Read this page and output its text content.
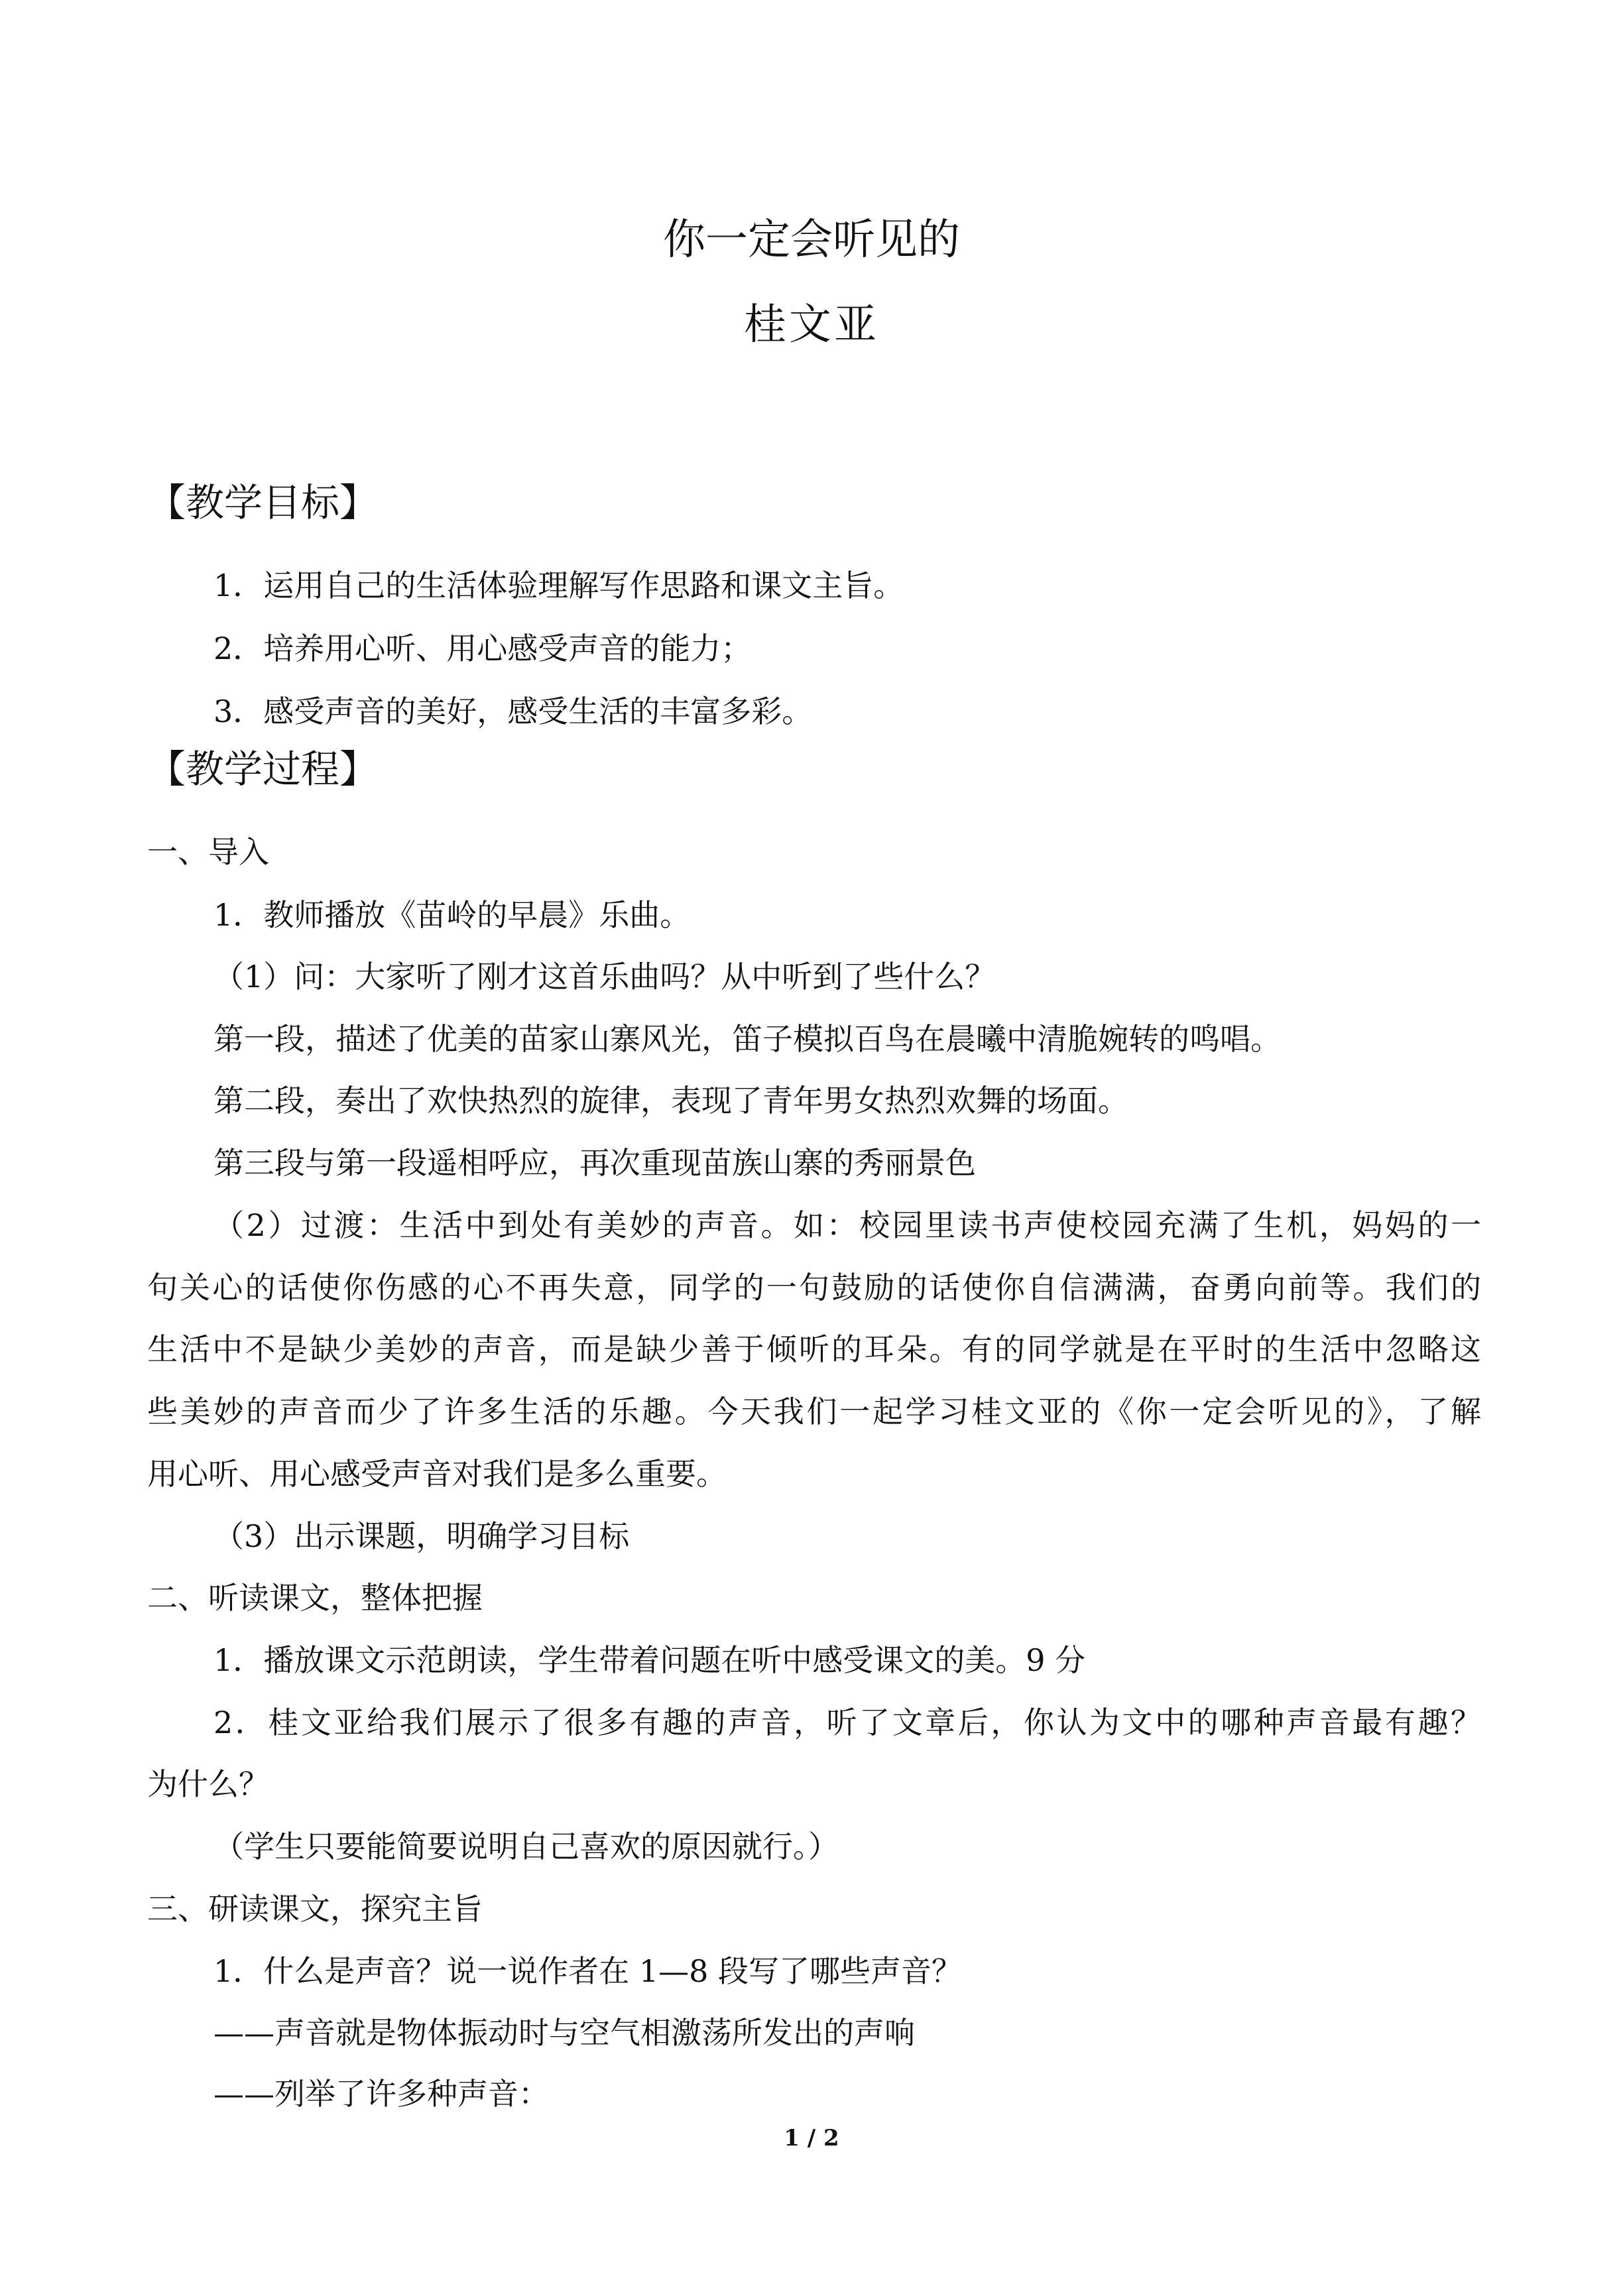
你一定会听见的
桂文亚
【教学目标】
1．运用自己的生活体验理解写作思路和课文主旨。
2．培养用心听、用心感受声音的能力；
3．感受声音的美好，感受生活的丰富多彩。
【教学过程】
一、导入
1．教师播放《苗岭的早晨》乐曲。
（1）问：大家听了刚才这首乐曲吗？从中听到了些什么？
第一段，描述了优美的苗家山寨风光，笛子模拟百鸟在晨曦中清脆婉转的鸣唱。
第二段，奏出了欢快热烈的旋律，表现了青年男女热烈欢舞的场面。
第三段与第一段遥相呼应，再次重现苗族山寨的秀丽景色
（2）过渡：生活中到处有美妙的声音。如：校园里读书声使校园充满了生机，妈妈的一
句关心的话使你伤感的心不再失意，同学的一句鼓励的话使你自信满满，奋勇向前等。我们的
生活中不是缺少美妙的声音，而是缺少善于倾听的耳朵。有的同学就是在平时的生活中忽略这
些美妙的声音而少了许多生活的乐趣。今天我们一起学习桂文亚的《你一定会听见的》，了解
用心听、用心感受声音对我们是多么重要。
（3）出示课题，明确学习目标
二、听读课文，整体把握
1．播放课文示范朗读，学生带着问题在听中感受课文的美。9 分
2．桂文亚给我们展示了很多有趣的声音，听了文章后，你认为文中的哪种声音最有趣？
为什么？
（学生只要能简要说明自己喜欢的原因就行。）
三、研读课文，探究主旨
1．什么是声音？说一说作者在 1—8 段写了哪些声音？
——声音就是物体振动时与空气相激荡所发出的声响
——列举了许多种声音：
1 / 2
